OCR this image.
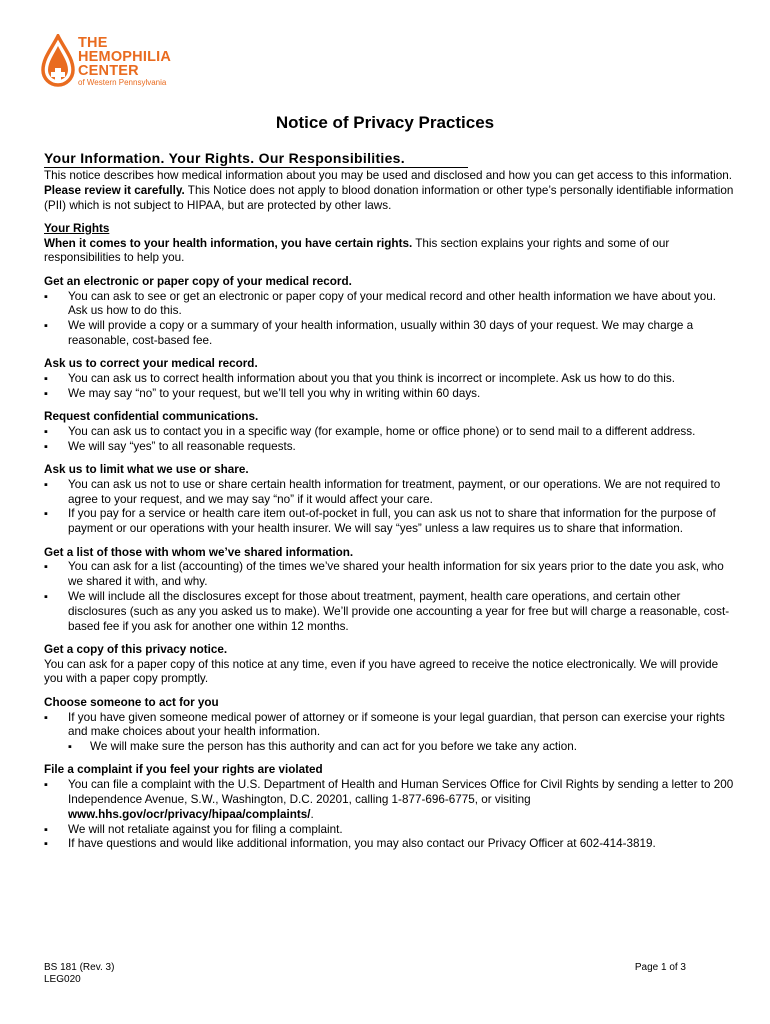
THE
HEMOPHILIA
CENTER
of Western Pennsylvania
Notice of Privacy Practices
Your Information. Your Rights. Our Responsibilities.

This notice describes how medical information about you may be used and disclosed and how you can get access to this information. Please review it carefully. This Notice does not apply to blood donation information or other type’s personally identifiable information (PII) which is not subject to HIPAA, but are protected by other laws.

Your Rights

When it comes to your health information, you have certain rights. This section explains your rights and some of our responsibilities to help you.

Get an electronic or paper copy of your medical record.

▪ You can ask to see or get an electronic or paper copy of your medical record and other health information we have about you. Ask us how to do this.
▪ We will provide a copy or a summary of your health information, usually within 30 days of your request. We may charge a reasonable, cost-based fee.

Ask us to correct your medical record.

▪ You can ask us to correct health information about you that you think is incorrect or incomplete. Ask us how to do this.
▪ We may say “no” to your request, but we’ll tell you why in writing within 60 days.

Request confidential communications.

▪ You can ask us to contact you in a specific way (for example, home or office phone) or to send mail to a different address.
▪ We will say “yes” to all reasonable requests.

Ask us to limit what we use or share.

▪ You can ask us not to use or share certain health information for treatment, payment, or our operations. We are not required to agree to your request, and we may say “no” if it would affect your care.
▪ If you pay for a service or health care item out-of-pocket in full, you can ask us not to share that information for the purpose of payment or our operations with your health insurer. We will say “yes” unless a law requires us to share that information.

Get a list of those with whom we’ve shared information.

▪ You can ask for a list (accounting) of the times we’ve shared your health information for six years prior to the date you ask, who we shared it with, and why.
▪ We will include all the disclosures except for those about treatment, payment, health care operations, and certain other disclosures (such as any you asked us to make). We’ll provide one accounting a year for free but will charge a reasonable, cost-based fee if you ask for another one within 12 months.

Get a copy of this privacy notice.

You can ask for a paper copy of this notice at any time, even if you have agreed to receive the notice electronically. We will provide you with a paper copy promptly.

Choose someone to act for you

▪ If you have given someone medical power of attorney or if someone is your legal guardian, that person can exercise your rights and make choices about your health information.
▪ We will make sure the person has this authority and can act for you before we take any action.

File a complaint if you feel your rights are violated

▪ You can file a complaint with the U.S. Department of Health and Human Services Office for Civil Rights by sending a letter to 200 Independence Avenue, S.W., Washington, D.C. 20201, calling 1-877-696-6775, or visiting www.hhs.gov/ocr/privacy/hipaa/complaints/.
▪ We will not retaliate against you for filing a complaint.
▪ If have questions and would like additional information, you may also contact our Privacy Officer at 602-414-3819.
BS 181 (Rev. 3)
LEG020
Page 1 of 3
